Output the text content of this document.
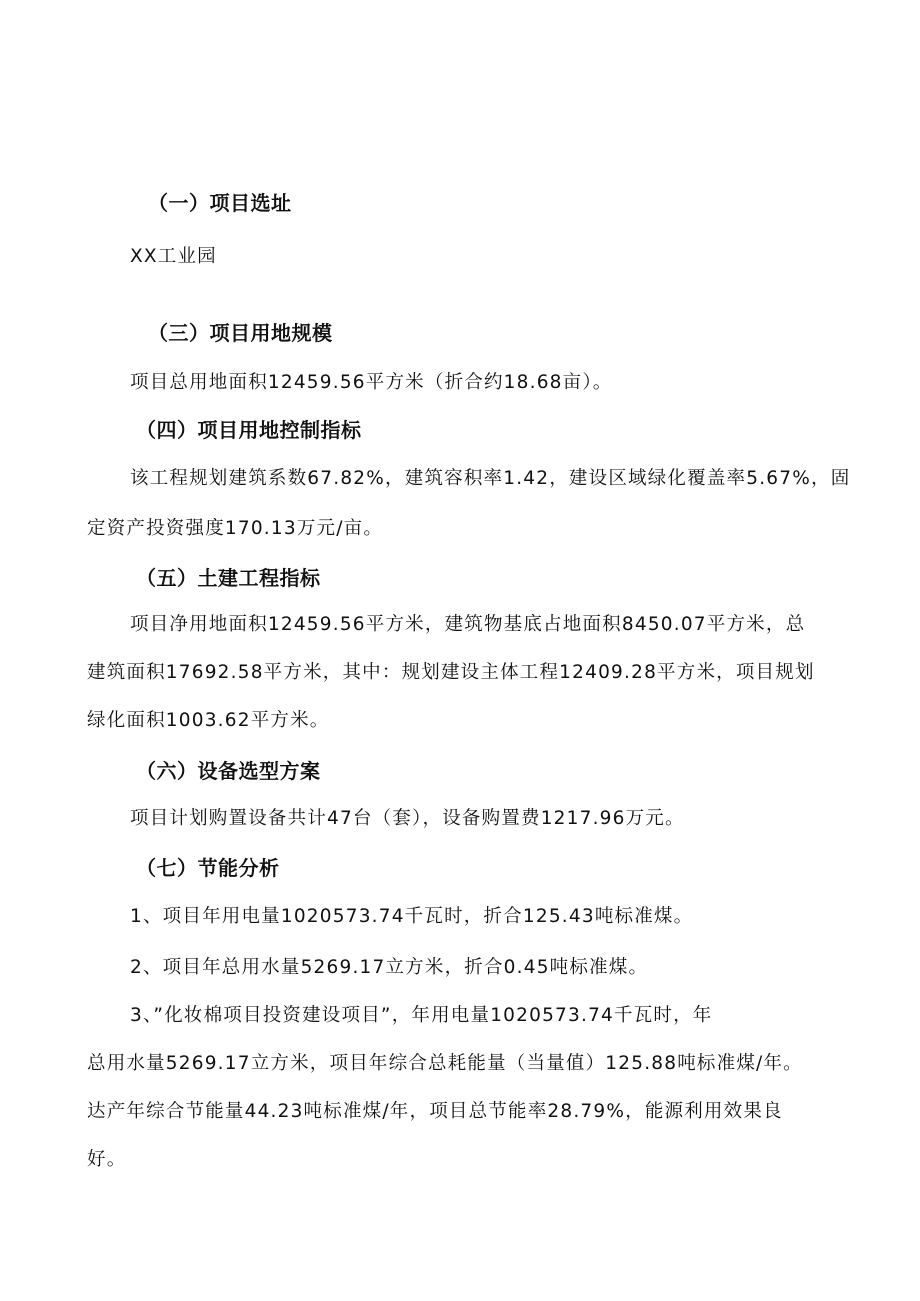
（一）项目选址
XX工业园
（三）项目用地规模
项目总用地面积12459.56平方米（折合约18.68亩）。
（四）项目用地控制指标
该工程规划建筑系数67.82%，建筑容积率1.42，建设区域绿化覆盖率5.67%，固
定资产投资强度170.13万元/亩。
（五）土建工程指标
项目净用地面积12459.56平方米，建筑物基底占地面积8450.07平方米，总
建筑面积17692.58平方米，其中：规划建设主体工程12409.28平方米，项目规划
绿化面积1003.62平方米。
（六）设备选型方案
项目计划购置设备共计47台（套），设备购置费1217.96万元。
（七）节能分析
1、项目年用电量1020573.74千瓦时，折合125.43吨标准煤。
2、项目年总用水量5269.17立方米，折合0.45吨标准煤。
3、”化妆棉项目投资建设项目”，年用电量1020573.74千瓦时，年
总用水量5269.17立方米，项目年综合总耗能量（当量值）125.88吨标准煤/年。
达产年综合节能量44.23吨标准煤/年，项目总节能率28.79%，能源利用效果良
好。
